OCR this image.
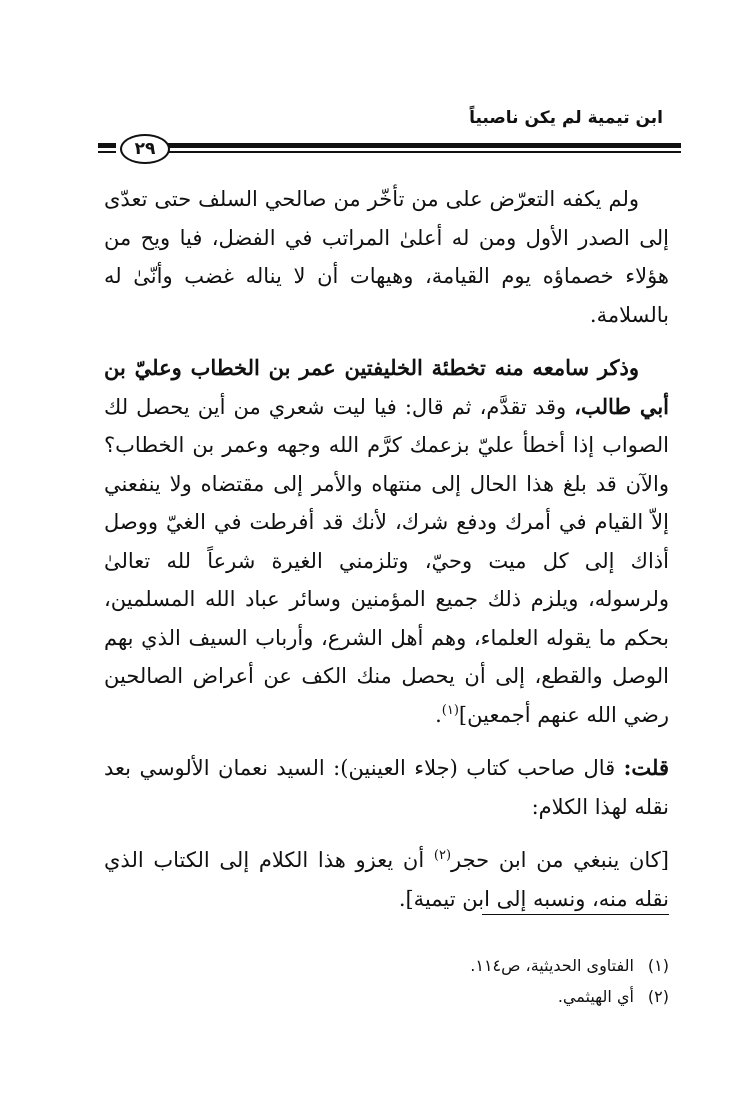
ابن تيمية لم يكن ناصبياً
٢٩

ولم يكفه التعرّض على من تأخّر من صالحي السلف حتى تعدّى إلى الصدر الأول ومن له أعلىٰ المراتب في الفضل، فيا ويح من هؤلاء خصماؤه يوم القيامة، وهيهات أن لا يناله غضب وأنّىٰ له بالسلامة.

وذكر سامعه منه تخطئة الخليفتين عمر بن الخطاب وعليّ بن أبي طالب، وقد تقدَّم، ثم قال: فيا ليت شعري من أين يحصل لك الصواب إذا أخطأ عليّ بزعمك كرَّم الله وجهه وعمر بن الخطاب؟ والآن قد بلغ هذا الحال إلى منتهاه والأمر إلى مقتضاه ولا ينفعني إلاّ القيام في أمرك ودفع شرك، لأنك قد أفرطت في الغيّ ووصل أذاك إلى كل ميت وحيّ، وتلزمني الغيرة شرعاً لله تعالىٰ ولرسوله، ويلزم ذلك جميع المؤمنين وسائر عباد الله المسلمين، بحكم ما يقوله العلماء، وهم أهل الشرع، وأرباب السيف الذي بهم الوصل والقطع، إلى أن يحصل منك الكف عن أعراض الصالحين رضي الله عنهم أجمعين]$^{(١)}$.

قلت: قال صاحب كتاب (جلاء العينين): السيد نعمان الألوسي بعد نقله لهذا الكلام:

[كان ينبغي من ابن حجر$^{(٢)}$ أن يعزو هذا الكلام إلى الكتاب الذي نقله منه، ونسبه إلى ابن تيمية].

(١)الفتاوى الحديثية، ص١١٤.
(٢)أي الهيثمي.
